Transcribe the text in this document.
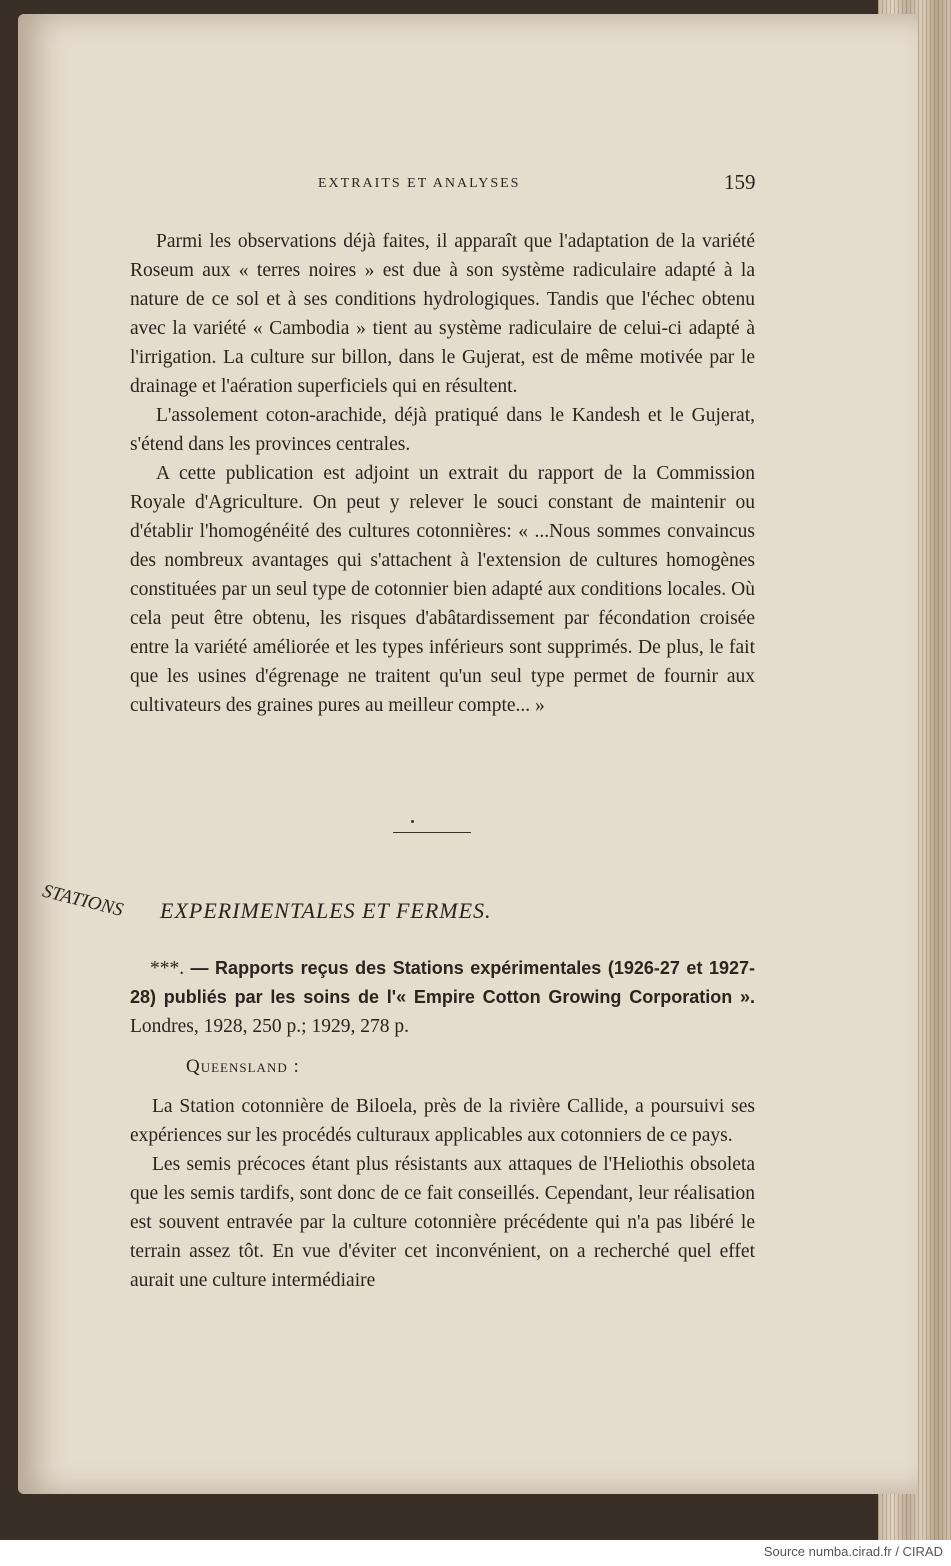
EXTRAITS ET ANALYSES	159

Parmi les observations déjà faites, il apparaît que l'adaptation de la variété Roseum aux « terres noires » est due à son système radiculaire adapté à la nature de ce sol et à ses conditions hydrologiques. Tandis que l'échec obtenu avec la variété « Cambodia » tient au système radiculaire de celui-ci adapté à l'irrigation. La culture sur billon, dans le Gujerat, est de même motivée par le drainage et l'aération superficiels qui en résultent.

L'assolement coton-arachide, déjà pratiqué dans le Kandesh et le Gujerat, s'étend dans les provinces centrales.

A cette publication est adjoint un extrait du rapport de la Commission Royale d'Agriculture. On peut y relever le souci constant de maintenir ou d'établir l'homogénéité des cultures cotonnières: « ...Nous sommes convaincus des nombreux avantages qui s'attachent à l'extension de cultures homogènes constituées par un seul type de cotonnier bien adapté aux conditions locales. Où cela peut être obtenu, les risques d'abâtardissement par fécondation croisée entre la variété améliorée et les types inférieurs sont supprimés. De plus, le fait que les usines d'égrenage ne traitent qu'un seul type permet de fournir aux cultivateurs des graines pures au meilleur compte... »

STATIONS EXPERIMENTALES ET FERMES.
***. — Rapports reçus des Stations expérimentales (1926-27 et 1927-28) publiés par les soins de l'« Empire Cotton Growing Corporation ». Londres, 1928, 250 p.; 1929, 278 p.
Queensland :

La Station cotonnière de Biloela, près de la rivière Callide, a poursuivi ses expériences sur les procédés culturaux applicables aux cotonniers de ce pays.

Les semis précoces étant plus résistants aux attaques de l'Heliothis obsoleta que les semis tardifs, sont donc de ce fait conseillés. Cependant, leur réalisation est souvent entravée par la culture cotonnière précédente qui n'a pas libéré le terrain assez tôt. En vue d'éviter cet inconvénient, on a recherché quel effet aurait une culture intermédiaire

Source numba.cirad.fr / CIRAD
